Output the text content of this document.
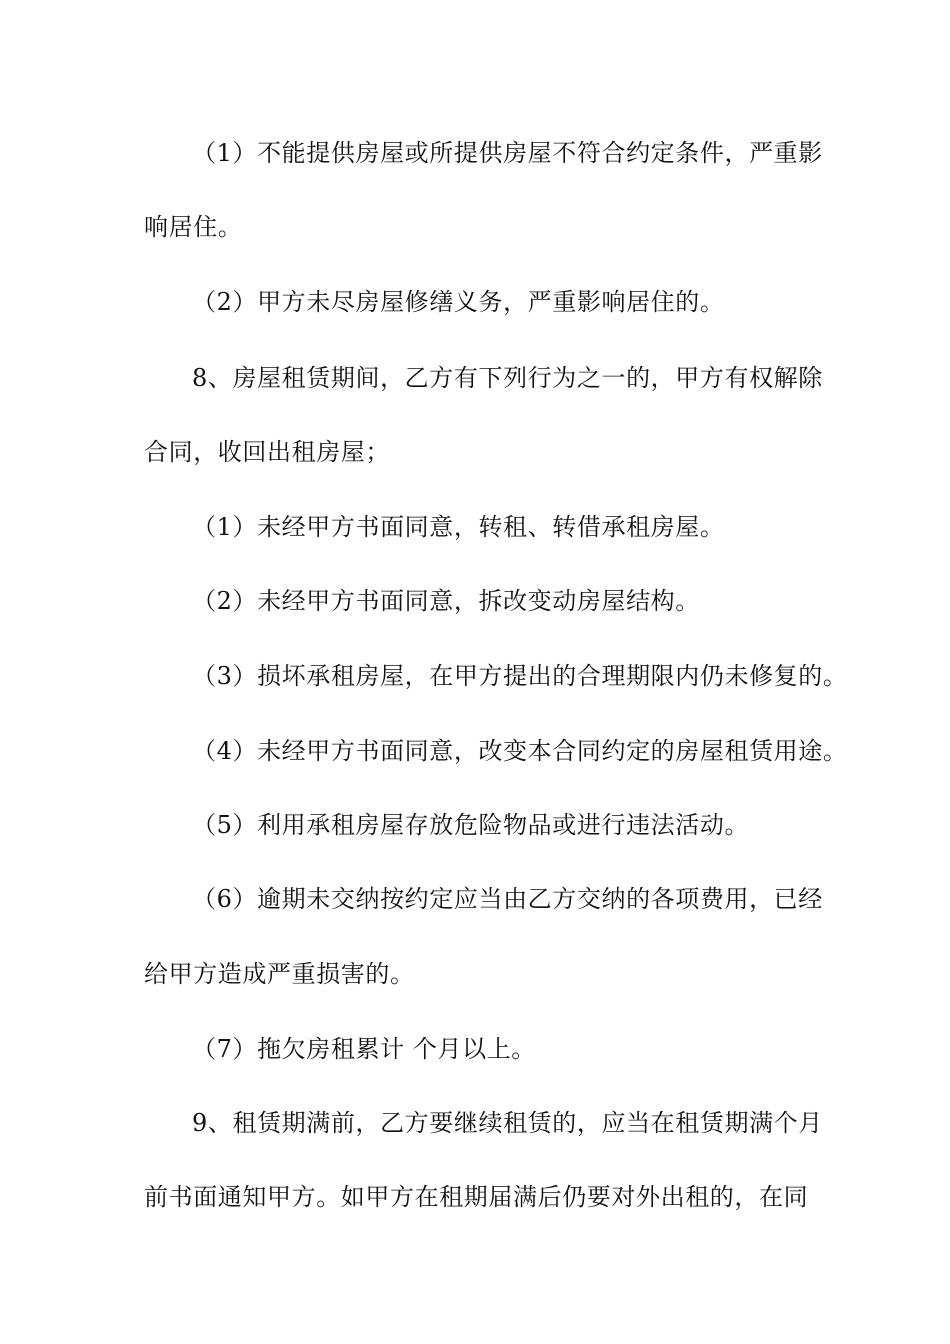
（1）不能提供房屋或所提供房屋不符合约定条件，严重影
响居住。
（2）甲方未尽房屋修缮义务，严重影响居住的。
8、房屋租赁期间，乙方有下列行为之一的，甲方有权解除
合同，收回出租房屋；
（1）未经甲方书面同意，转租、转借承租房屋。
（2）未经甲方书面同意，拆改变动房屋结构。
（3）损坏承租房屋，在甲方提出的合理期限内仍未修复的。
（4）未经甲方书面同意，改变本合同约定的房屋租赁用途。
（5）利用承租房屋存放危险物品或进行违法活动。
（6）逾期未交纳按约定应当由乙方交纳的各项费用，已经
给甲方造成严重损害的。
（7）拖欠房租累计 个月以上。
9、租赁期满前，乙方要继续租赁的，应当在租赁期满个月
前书面通知甲方。如甲方在租期届满后仍要对外出租的，在同
